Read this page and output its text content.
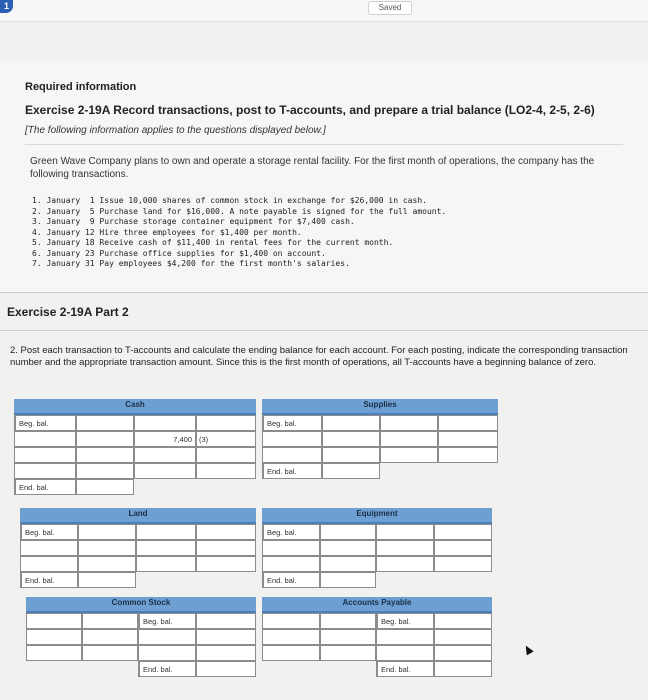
1	Saved
Required information
Exercise 2-19A Record transactions, post to T-accounts, and prepare a trial balance (LO2-4, 2-5, 2-6)
[The following information applies to the questions displayed below.]
Green Wave Company plans to own and operate a storage rental facility. For the first month of operations, the company has the following transactions.
1. January  1 Issue 10,000 shares of common stock in exchange for $26,000 in cash.
2. January  5 Purchase land for $16,000. A note payable is signed for the full amount.
3. January  9 Purchase storage container equipment for $7,400 cash.
4. January 12 Hire three employees for $1,400 per month.
5. January 18 Receive cash of $11,400 in rental fees for the current month.
6. January 23 Purchase office supplies for $1,400 on account.
7. January 31 Pay employees $4,200 for the first month's salaries.
Exercise 2-19A Part 2
2. Post each transaction to T-accounts and calculate the ending balance for each account. For each posting, indicate the corresponding transaction number and the appropriate transaction amount. Since this is the first month of operations, all T-accounts have a beginning balance of zero.
Cash
Beg. bal.
7,400 (3)
End. bal.
Supplies
Beg. bal.
End. bal.
Land
Beg. bal.
End. bal.
Equipment
Beg. bal.
End. bal.
Common Stock
Beg. bal.
End. bal.
Accounts Payable
Beg. bal.
End. bal.
